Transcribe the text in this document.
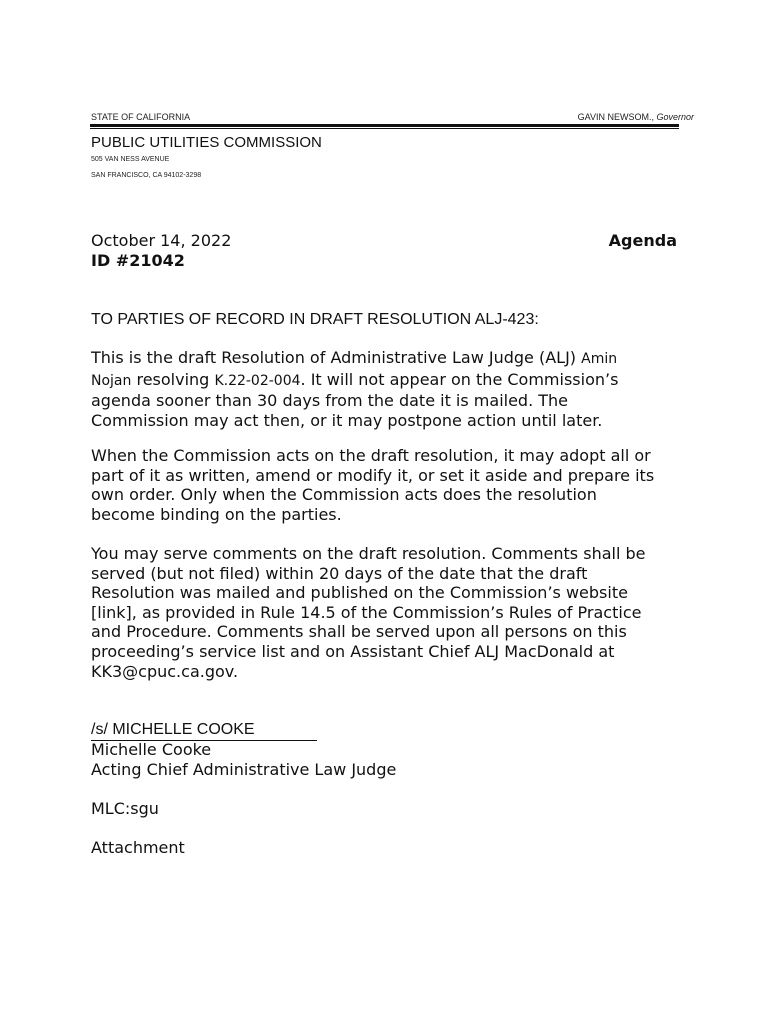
STATE OF CALIFORNIA	GAVIN NEWSOM., Governor
PUBLIC UTILITIES COMMISSION
505 VAN NESS AVENUE
SAN FRANCISCO, CA 94102-3298
October 14, 2022
ID #21042
Agenda
TO PARTIES OF RECORD IN DRAFT RESOLUTION ALJ-423:
This is the draft Resolution of Administrative Law Judge (ALJ) Amin
Nojan resolving K.22-02-004. It will not appear on the Commission’s
agenda sooner than 30 days from the date it is mailed. The
Commission may act then, or it may postpone action until later.
When the Commission acts on the draft resolution, it may adopt all or
part of it as written, amend or modify it, or set it aside and prepare its
own order. Only when the Commission acts does the resolution
become binding on the parties.
You may serve comments on the draft resolution. Comments shall be
served (but not filed) within 20 days of the date that the draft
Resolution was mailed and published on the Commission’s website
[link], as provided in Rule 14.5 of the Commission’s Rules of Practice
and Procedure. Comments shall be served upon all persons on this
proceeding’s service list and on Assistant Chief ALJ MacDonald at
KK3@cpuc.ca.gov.
/s/ MICHELLE COOKE
Michelle Cooke
Acting Chief Administrative Law Judge
MLC:sgu
Attachment
